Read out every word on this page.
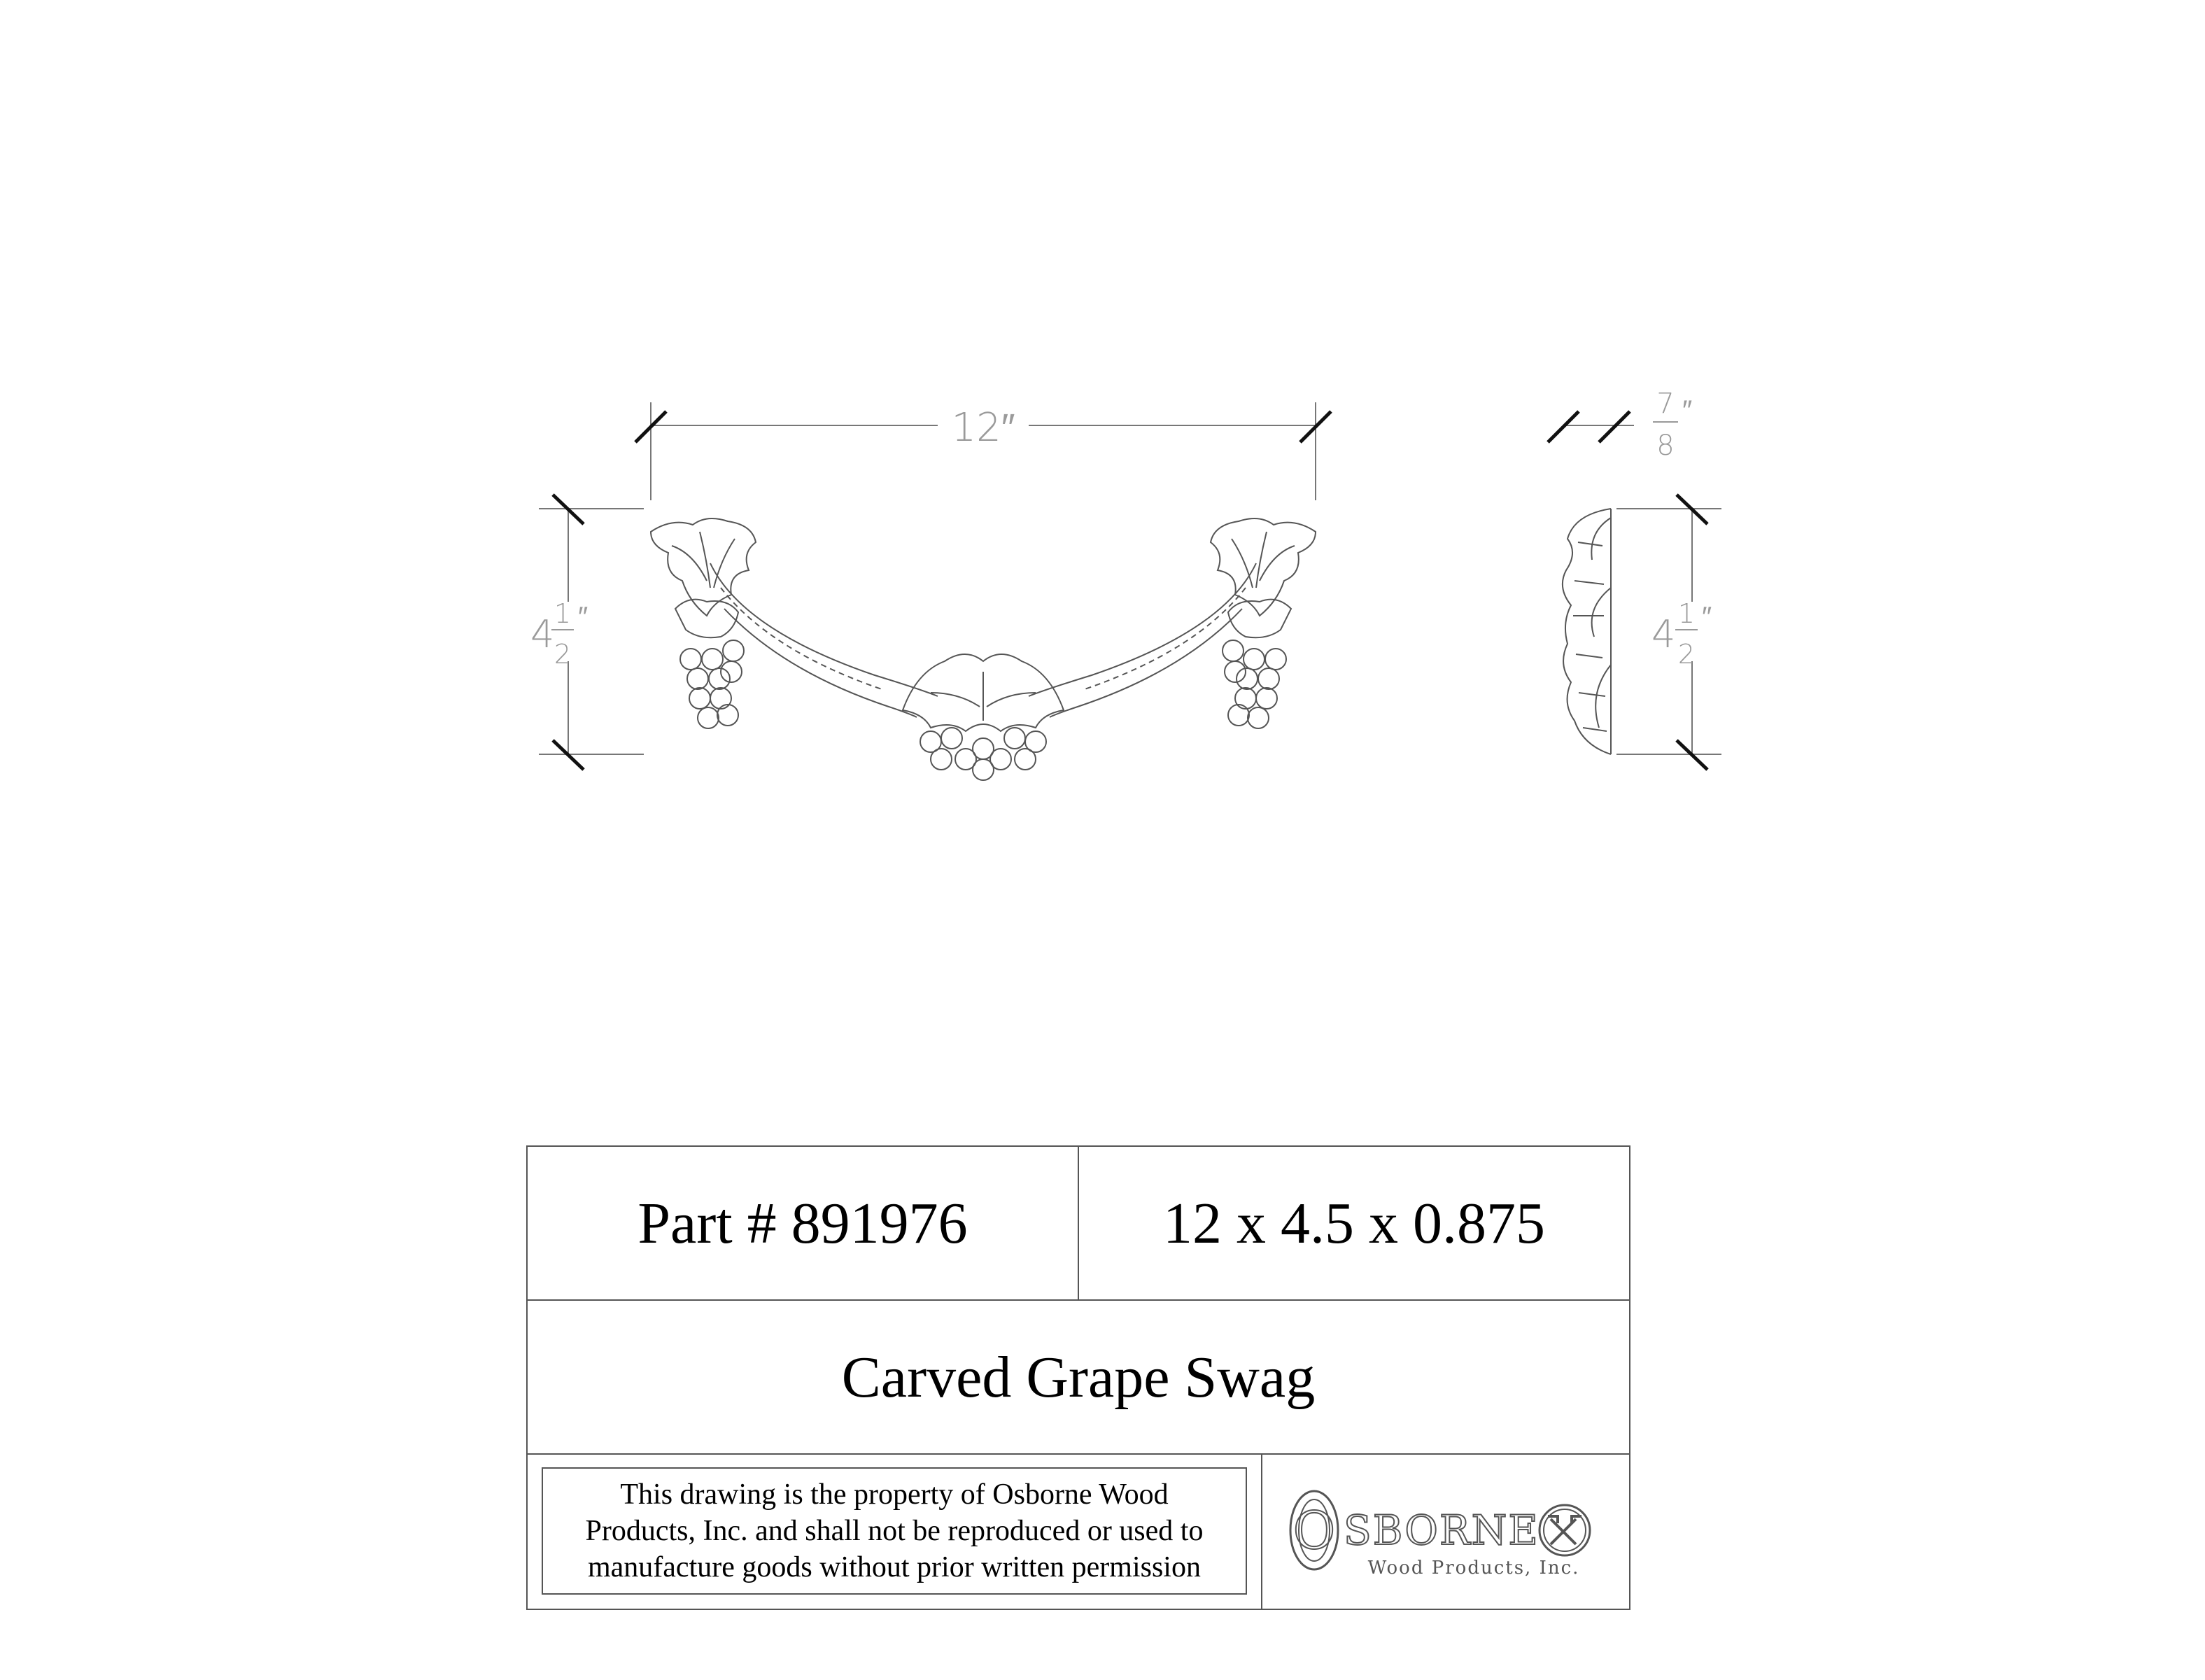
12″
4 1
2
″
7
8
″
4 1
2
″
Part # 891976	12 x 4.5 x 0.875
Carved Grape Swag
This drawing is the property of Osborne Wood
Products, Inc. and shall not be reproduced or used to
manufacture goods without prior written permission
O SBORNE
Wood Products, Inc.
